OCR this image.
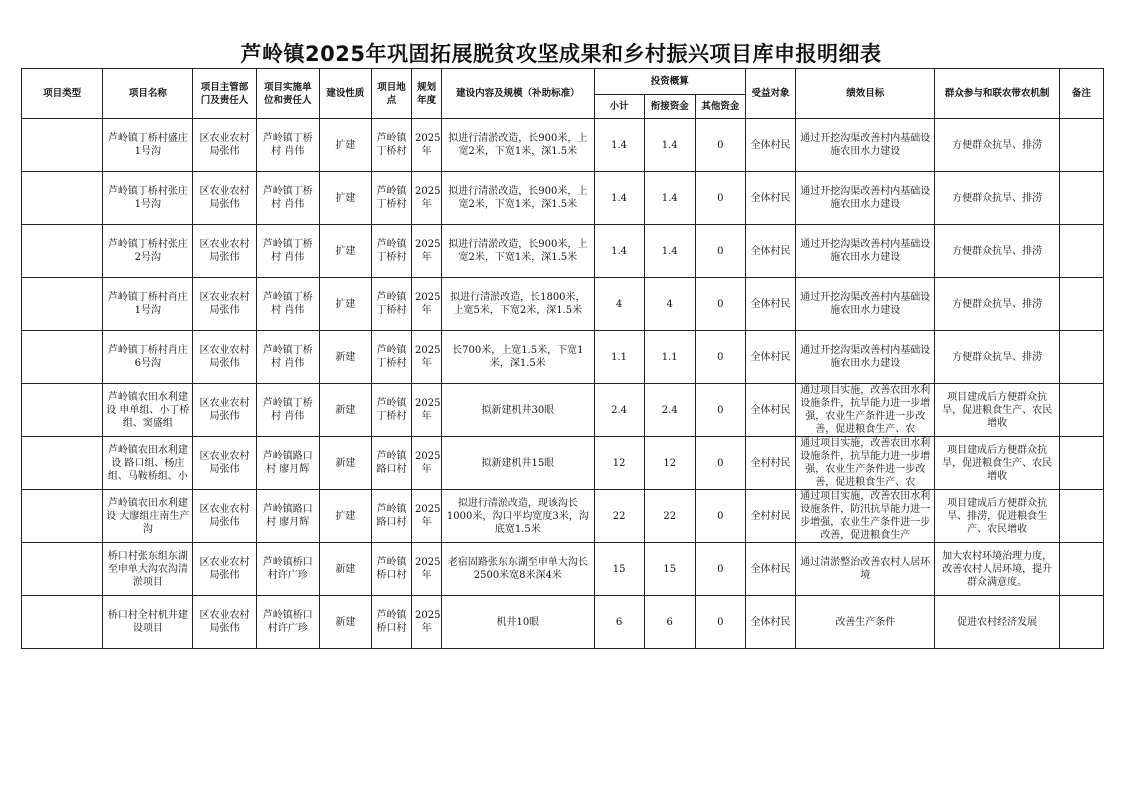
芦岭镇2025年巩固拓展脱贫攻坚成果和乡村振兴项目库申报明细表
项目类型	项目名称	项目主管部门及责任人	项目实施单位和责任人	建设性质	项目地点	规划年度	建设内容及规模（补助标准）	投资概算			受益对象	绩效目标	群众参与和联农带农机制	备注
								小计	衔接资金	其他资金				

	芦岭镇丁桥村盛庄1号沟	区农业农村局张伟	芦岭镇丁桥村 肖伟	扩建	芦岭镇丁桥村	2025年	拟进行清淤改造，长900米，上宽2米，下宽1米，深1.5米	1.4	1.4	0	全体村民	通过开挖沟渠改善村内基础设施农田水力建设	方便群众抗旱、排涝	

	芦岭镇丁桥村张庄1号沟	区农业农村局张伟	芦岭镇丁桥村 肖伟	扩建	芦岭镇丁桥村	2025年	拟进行清淤改造，长900米，上宽2米，下宽1米，深1.5米	1.4	1.4	0	全体村民	通过开挖沟渠改善村内基础设施农田水力建设	方便群众抗旱、排涝	

	芦岭镇丁桥村张庄2号沟	区农业农村局张伟	芦岭镇丁桥村 肖伟	扩建	芦岭镇丁桥村	2025年	拟进行清淤改造，长900米，上宽2米，下宽1米，深1.5米	1.4	1.4	0	全体村民	通过开挖沟渠改善村内基础设施农田水力建设	方便群众抗旱、排涝	

	芦岭镇丁桥村肖庄1号沟	区农业农村局张伟	芦岭镇丁桥村 肖伟	扩建	芦岭镇丁桥村	2025年	拟进行清淤改造，长1800米，上宽5米，下宽2米，深1.5米	4	4	0	全体村民	通过开挖沟渠改善村内基础设施农田水力建设	方便群众抗旱、排涝	

	芦岭镇丁桥村肖庄6号沟	区农业农村局张伟	芦岭镇丁桥村 肖伟	新建	芦岭镇丁桥村	2025年	长700米，上宽1.5米，下宽1米，深1.5米	1.1	1.1	0	全体村民	通过开挖沟渠改善村内基础设施农田水力建设	方便群众抗旱、排涝	

	芦岭镇农田水利建设 申单组、小丁桥组、窦盛组	区农业农村局张伟	芦岭镇丁桥村 肖伟	新建	芦岭镇丁桥村	2025年	拟新建机井30眼	2.4	2.4	0	全体村民	通过项目实施，改善农田水利设施条件，抗旱能力进一步增强，农业生产条件进一步改善，促进粮食生产、农	项目建成后方便群众抗旱，促进粮食生产、农民增收	

	芦岭镇农田水利建设 路口组、杨庄组、马鞍桥组、小	区农业农村局张伟	芦岭镇路口村 廖月辉	新建	芦岭镇路口村	2025年	拟新建机井15眼	12	12	0	全村村民	通过项目实施，改善农田水利设施条件，抗旱能力进一步增强，农业生产条件进一步改善，促进粮食生产、农	项目建成后方便群众抗旱，促进粮食生产、农民增收	

	芦岭镇农田水利建设 大廖组庄南生产沟	区农业农村局张伟	芦岭镇路口村 廖月辉	扩建	芦岭镇路口村	2025年	拟进行清淤改造，现该沟长1000米，沟口平均宽度3米，沟底宽1.5米	22	22	0	全村村民	通过项目实施，改善农田水利设施条件，防汛抗旱能力进一步增强，农业生产条件进一步改善，促进粮食生产	项目建成后方便群众抗旱、排涝，促进粮食生产、农民增收	

	桥口村张东组东湖至申单大沟农沟清淤项目	区农业农村局张伟	芦岭镇桥口村许广珍	新建	芦岭镇桥口村	2025年	老宿固路张东东湖至申单大沟长2500米宽8米深4米	15	15	0	全体村民	通过清淤整治改善农村人居环境	加大农村环境治理力度，改善农村人居环境，提升群众满意度。	

	桥口村全村机井建设项目	区农业农村局张伟	芦岭镇桥口村许广珍	新建	芦岭镇桥口村	2025年	机井10眼	6	6	0	全体村民	改善生产条件	促进农村经济发展	
